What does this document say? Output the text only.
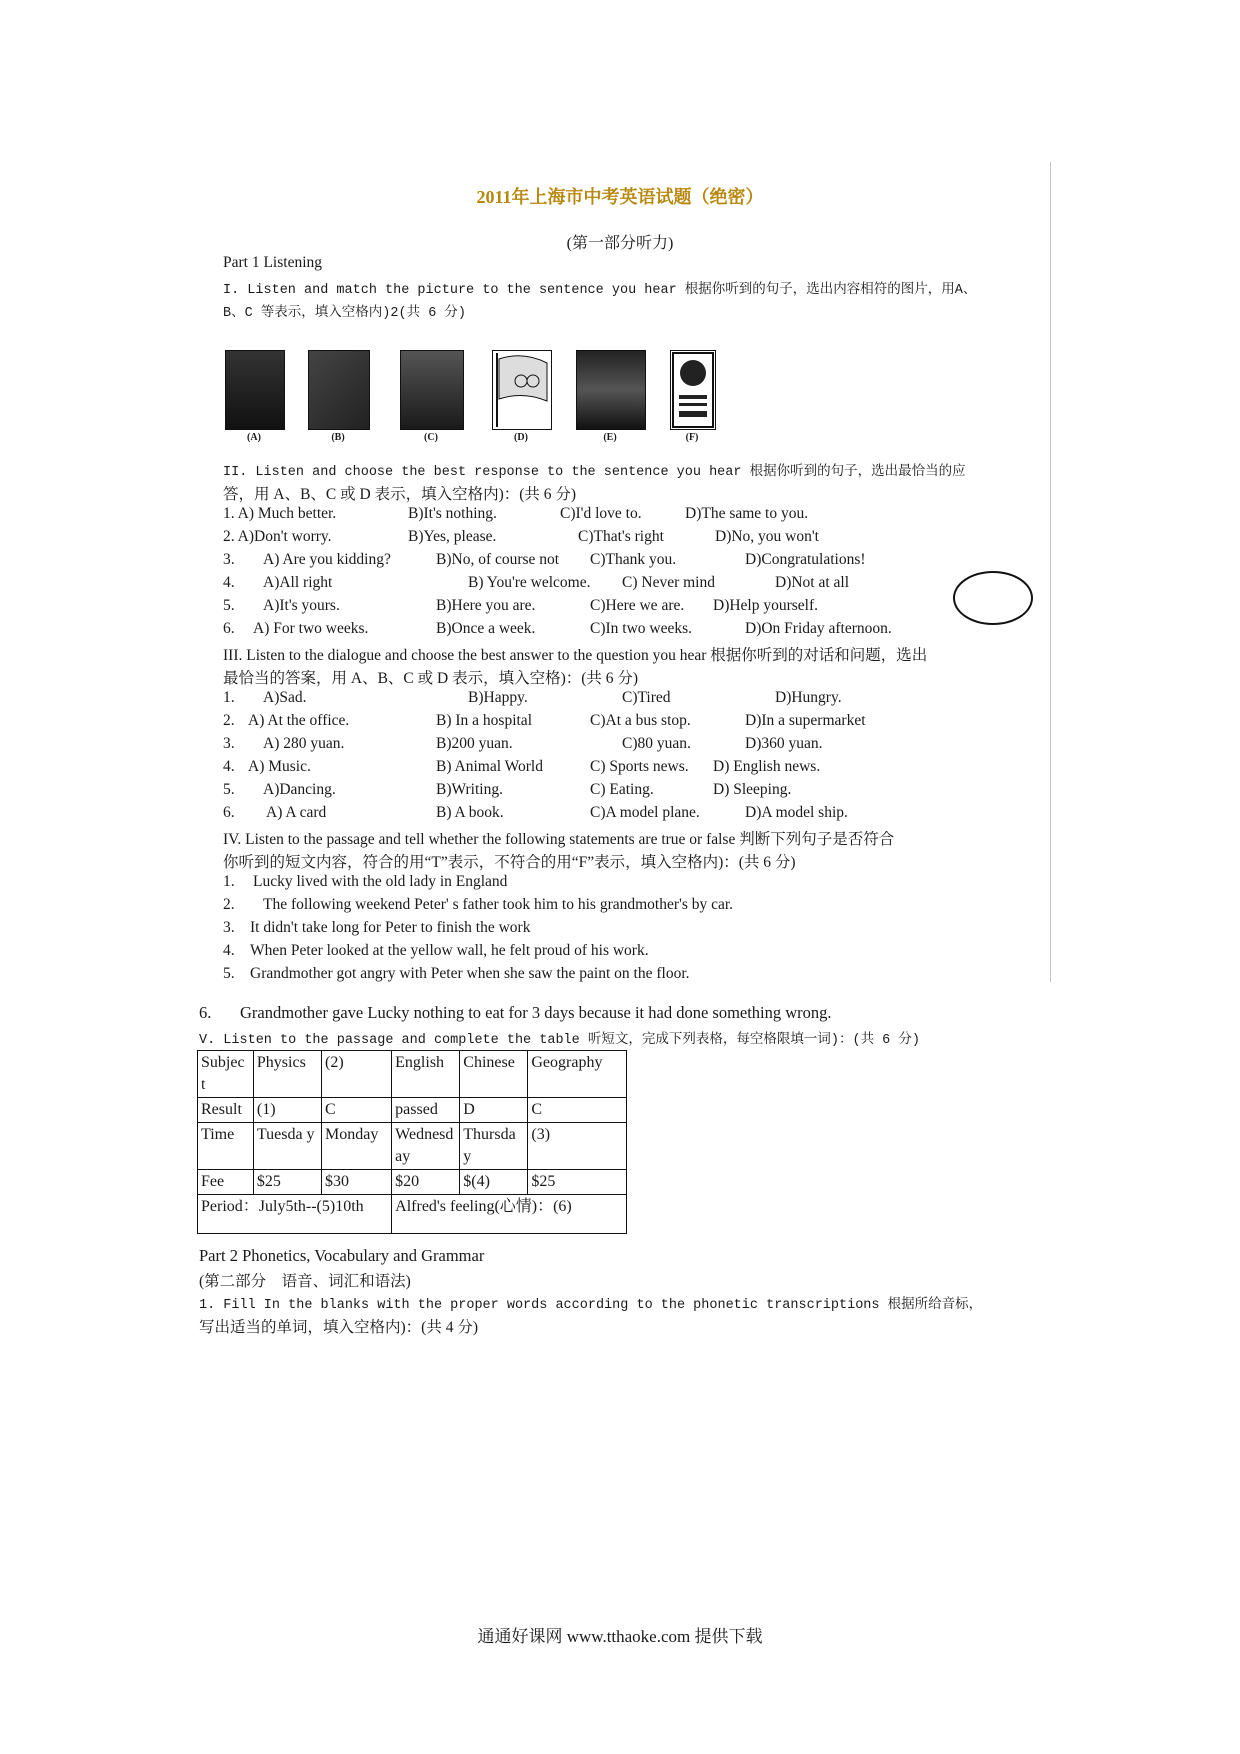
2011年上海市中考英语试题（绝密）
(第一部分听力)
Part 1 Listening
I. Listen and match the picture to the sentence you hear 根据你听到的句子，选出内容相符的图片，用A、
B、C 等表示，填入空格内)2(共 6 分)
(A)	(B)	(C)	(D)	(E)	(F)
II. Listen and choose the best response to the sentence you hear 根据你听到的句子，选出最恰当的应
答，用 A、B、C 或 D 表示，填入空格内)：(共 6 分)
1. A) Much better.	B)It's nothing.	C)I'd love to.	D)The same to you.
2. A)Don't worry.	B)Yes, please.	C)That's right	D)No, you won't
3. A) Are you kidding?	B)No, of course not C)Thank you.	D)Congratulations!
4. A)All right	B) You're welcome. C) Never mind	D)Not at all
5. A)It's yours.	B)Here you are.	C)Here we are. D)Help yourself.
6. A) For two weeks.	B)Once a week.	C)In two weeks.	D)On Friday afternoon.
III. Listen to the dialogue and choose the best answer to the question you hear 根据你听到的对话和问题，选出
最恰当的答案，用 A、B、C 或 D 表示，填入空格)：(共 6 分)
1. A)Sad.	B)Happy.	C)Tired	D)Hungry.
2. A) At the office.	B) In a hospital	C)At a bus stop.	D)In a supermarket
3. A) 280 yuan.	B)200 yuan.	C)80 yuan.	D)360 yuan.
4. A) Music.	B) Animal World	C) Sports news. D) English news.
5. A)Dancing.	B)Writing.	C) Eating.	D) Sleeping.
6. A) A card	B) A book.	C)A model plane.	D)A model ship.
IV. Listen to the passage and tell whether the following statements are true or false 判断下列句子是否符合
你听到的短文内容，符合的用“T”表示，不符合的用“F”表示，填入空格内)：(共 6 分)
1. Lucky lived with the old lady in England
2. The following weekend Peter' s father took him to his grandmother's by car.
3. It didn't take long for Peter to finish the work
4. When Peter looked at the yellow wall, he felt proud of his work.
5. Grandmother got angry with Peter when she saw the paint on the floor.
6. Grandmother gave Lucky nothing to eat for 3 days because it had done something wrong.
V. Listen to the passage and complete the table 听短文，完成下列表格，每空格限填一词)：(共 6 分)
Subjec t	Physics	(2)	English	Chinese	Geography
Result	(1)	C	passed	D	C
Time	Tuesda y	Monday	Wednesd ay	Thursda y	(3)
Fee	$25	$30	$20	$(4)	$25
Period：July5th--(5)10th			Alfred's feeling(心情)：(6)		
Part 2 Phonetics, Vocabulary and Grammar
(第二部分　语音、词汇和语法)
1. Fill In the blanks with the proper words according to the phonetic transcriptions 根据所给音标，
写出适当的单词，填入空格内)：(共 4 分)
通通好课网 www.tthaoke.com 提供下载
